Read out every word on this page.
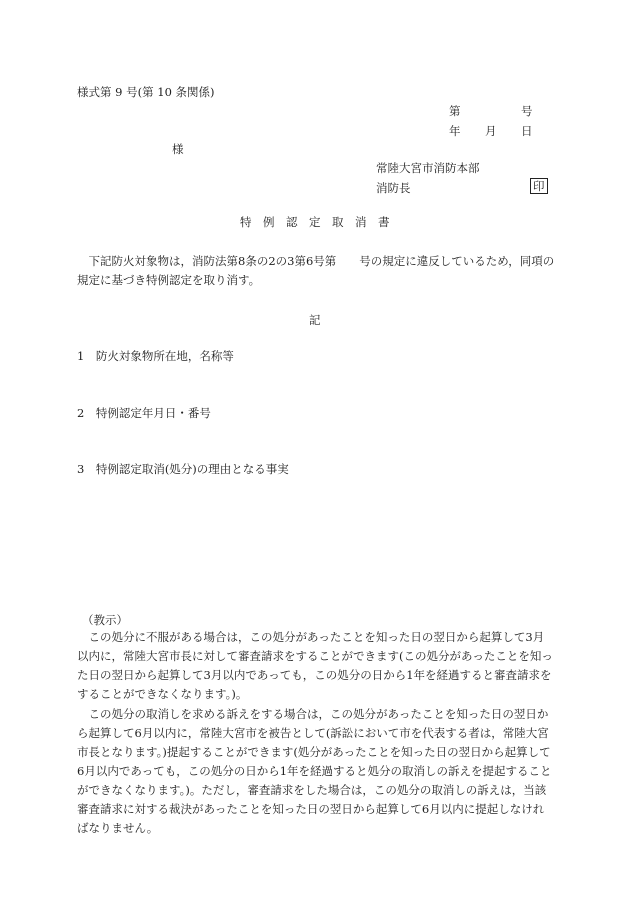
様式第 9 号(第 10 条関係)
第	号
年 月 日
様
常陸大宮市消防本部
消防長	印
特　例　認　定　取　消　書
下記防火対象物は，消防法第8条の2の3第6号第　　号の規定に違反しているため，同項の規定に基づき特例認定を取り消す。
記
1　防火対象物所在地，名称等
2　特例認定年月日・番号
3　特例認定取消(処分)の理由となる事実
（教示）
この処分に不服がある場合は，この処分があったことを知った日の翌日から起算して3月以内に，常陸大宮市長に対して審査請求をすることができます(この処分があったことを知った日の翌日から起算して3月以内であっても，この処分の日から1年を経過すると審査請求をすることができなくなります。)。
この処分の取消しを求める訴えをする場合は，この処分があったことを知った日の翌日から起算して6月以内に，常陸大宮市を被告として(訴訟において市を代表する者は，常陸大宮市長となります。)提起することができます(処分があったことを知った日の翌日から起算して6月以内であっても，この処分の日から1年を経過すると処分の取消しの訴えを提起することができなくなります。)。ただし，審査請求をした場合は，この処分の取消しの訴えは，当該審査請求に対する裁決があったことを知った日の翌日から起算して6月以内に提起しなければなりません。
